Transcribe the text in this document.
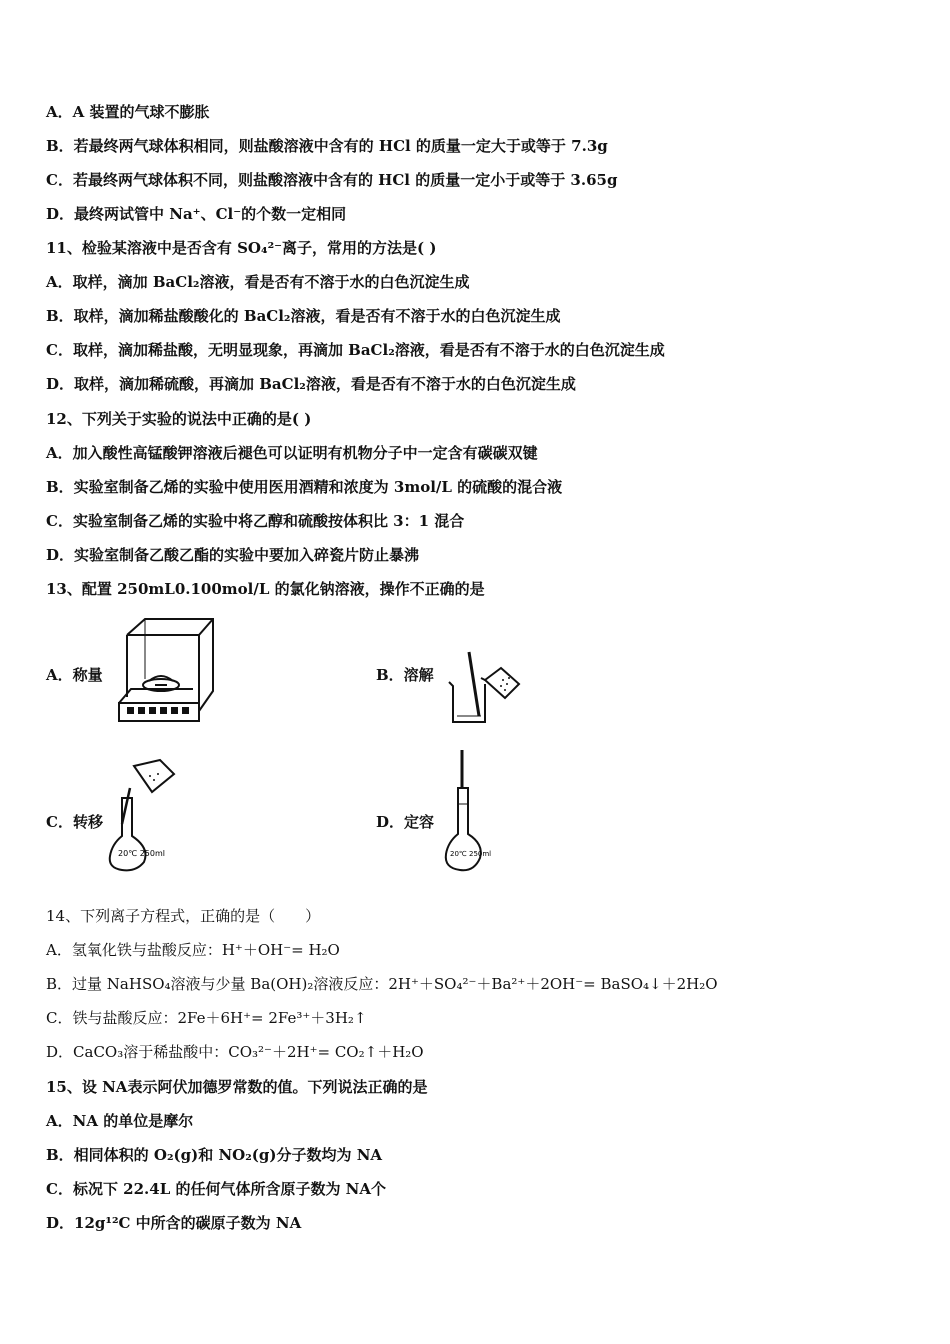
A．A 装置的气球不膨胀
B．若最终两气球体积相同，则盐酸溶液中含有的 HCl 的质量一定大于或等于 7.3g
C．若最终两气球体积不同，则盐酸溶液中含有的 HCl 的质量一定小于或等于 3.65g
D．最终两试管中 Na⁺、Cl⁻的个数一定相同
11、检验某溶液中是否含有 SO₄²⁻离子，常用的方法是( )
A．取样，滴加 BaCl₂溶液，看是否有不溶于水的白色沉淀生成
B．取样，滴加稀盐酸酸化的 BaCl₂溶液，看是否有不溶于水的白色沉淀生成
C．取样，滴加稀盐酸，无明显现象，再滴加 BaCl₂溶液，看是否有不溶于水的白色沉淀生成
D．取样，滴加稀硫酸，再滴加 BaCl₂溶液，看是否有不溶于水的白色沉淀生成
12、下列关于实验的说法中正确的是( )
A．加入酸性高锰酸钾溶液后褪色可以证明有机物分子中一定含有碳碳双键
B．实验室制备乙烯的实验中使用医用酒精和浓度为 3mol/L 的硫酸的混合液
C．实验室制备乙烯的实验中将乙醇和硫酸按体积比 3：1 混合
D．实验室制备乙酸乙酯的实验中要加入碎瓷片防止暴沸
13、配置 250mL0.100mol/L 的氯化钠溶液，操作不正确的是
A．称量	B．溶解
C．转移
20℃ 250ml
D．定容
20℃ 250ml
14、下列离子方程式，正确的是（　　）
A．氢氧化铁与盐酸反应：H⁺＋OH⁻= H₂O
B．过量 NaHSO₄溶液与少量 Ba(OH)₂溶液反应：2H⁺＋SO₄²⁻＋Ba²⁺＋2OH⁻= BaSO₄↓＋2H₂O
C．铁与盐酸反应：2Fe＋6H⁺= 2Fe³⁺＋3H₂↑
D．CaCO₃溶于稀盐酸中：CO₃²⁻＋2H⁺= CO₂↑＋H₂O
15、设 NA表示阿伏加德罗常数的值。下列说法正确的是
A．NA 的单位是摩尔
B．相同体积的 O₂(g)和 NO₂(g)分子数均为 NA
C．标况下 22.4L 的任何气体所含原子数为 NA个
D．12g¹²C 中所含的碳原子数为 NA
